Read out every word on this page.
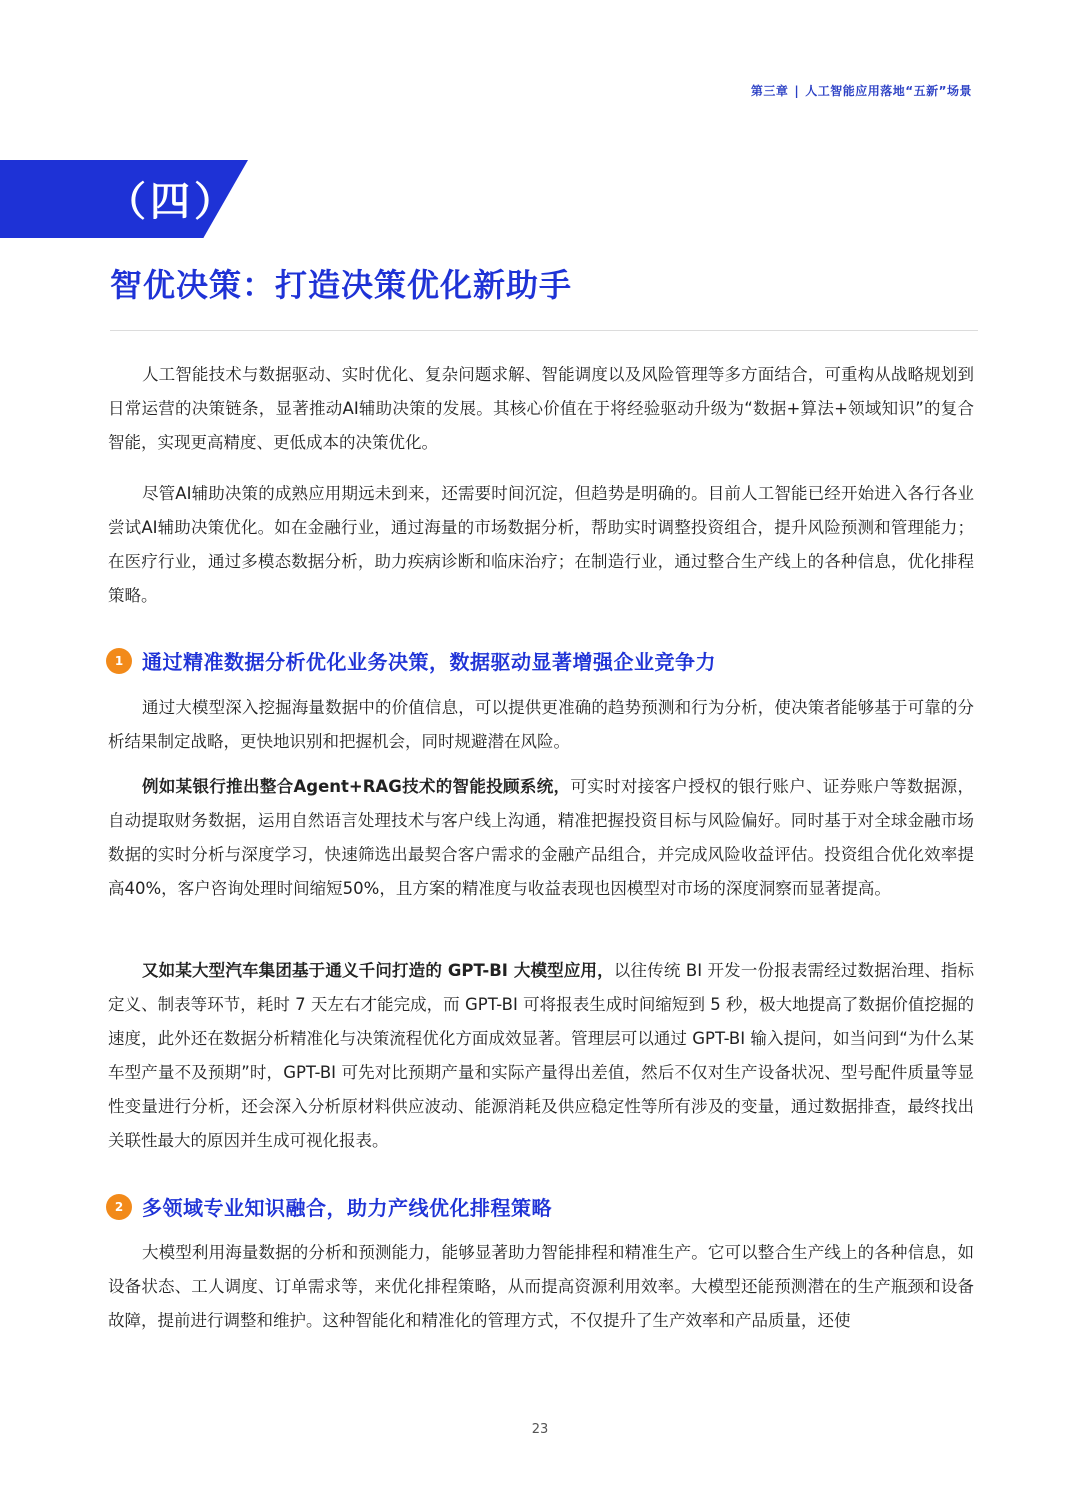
第三章 | 人工智能应用落地“五新”场景
（四）
智优决策：打造决策优化新助手

人工智能技术与数据驱动、实时优化、复杂问题求解、智能调度以及风险管理等多方面结合，可重构从战略规划到日常运营的决策链条，显著推动AI辅助决策的发展。其核心价值在于将经验驱动升级为“数据+算法+领域知识”的复合智能，实现更高精度、更低成本的决策优化。

尽管AI辅助决策的成熟应用期远未到来，还需要时间沉淀，但趋势是明确的。目前人工智能已经开始进入各行各业尝试AI辅助决策优化。如在金融行业，通过海量的市场数据分析，帮助实时调整投资组合，提升风险预测和管理能力；在医疗行业，通过多模态数据分析，助力疾病诊断和临床治疗；在制造行业，通过整合生产线上的各种信息，优化排程策略。

1 通过精准数据分析优化业务决策，数据驱动显著增强企业竞争力

通过大模型深入挖掘海量数据中的价值信息，可以提供更准确的趋势预测和行为分析，使决策者能够基于可靠的分析结果制定战略，更快地识别和把握机会，同时规避潜在风险。

例如某银行推出整合Agent+RAG技术的智能投顾系统，可实时对接客户授权的银行账户、证券账户等数据源，自动提取财务数据，运用自然语言处理技术与客户线上沟通，精准把握投资目标与风险偏好。同时基于对全球金融市场数据的实时分析与深度学习，快速筛选出最契合客户需求的金融产品组合，并完成风险收益评估。投资组合优化效率提高40%，客户咨询处理时间缩短50%，且方案的精准度与收益表现也因模型对市场的深度洞察而显著提高。

又如某大型汽车集团基于通义千问打造的 GPT-BI 大模型应用，以往传统 BI 开发一份报表需经过数据治理、指标定义、制表等环节，耗时 7 天左右才能完成，而 GPT-BI 可将报表生成时间缩短到 5 秒，极大地提高了数据价值挖掘的速度，此外还在数据分析精准化与决策流程优化方面成效显著。管理层可以通过 GPT-BI 输入提问，如当问到“为什么某车型产量不及预期”时，GPT-BI 可先对比预期产量和实际产量得出差值，然后不仅对生产设备状况、型号配件质量等显性变量进行分析，还会深入分析原材料供应波动、能源消耗及供应稳定性等所有涉及的变量，通过数据排查，最终找出关联性最大的原因并生成可视化报表。

2 多领域专业知识融合，助力产线优化排程策略

大模型利用海量数据的分析和预测能力，能够显著助力智能排程和精准生产。它可以整合生产线上的各种信息，如设备状态、工人调度、订单需求等，来优化排程策略，从而提高资源利用效率。大模型还能预测潜在的生产瓶颈和设备故障，提前进行调整和维护。这种智能化和精准化的管理方式，不仅提升了生产效率和产品质量，还使

23
